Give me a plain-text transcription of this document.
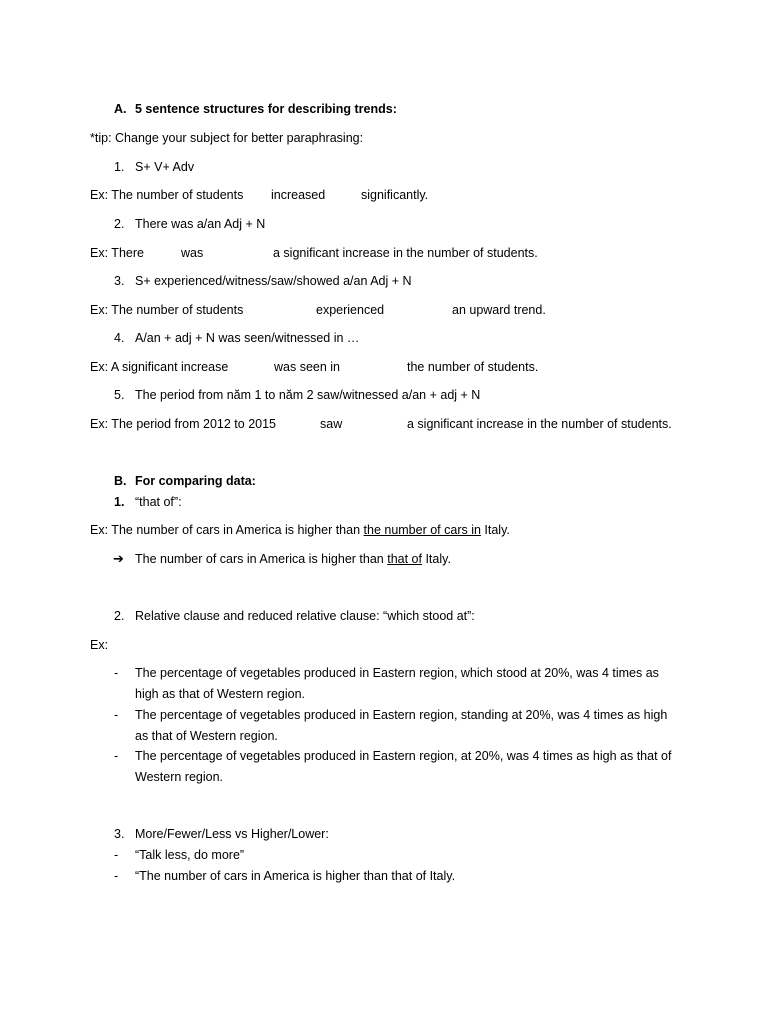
A. 5 sentence structures for describing trends:
*tip: Change your subject for better paraphrasing:
1. S+ V+ Adv
Ex: The number of students increased	significantly.
2. There was a/an Adj + N
Ex: There	was	a significant increase in the number of students.
3. S+ experienced/witness/saw/showed a/an Adj + N
Ex: The number of students	experienced	an upward trend.
4. A/an + adj + N was seen/witnessed in …
Ex: A significant increase	was seen in	the number of students.
5. The period from năm 1 to năm 2 saw/witnessed a/an + adj + N
Ex: The period from 2012 to 2015	saw	a significant increase in the number of students.
B. For comparing data:
1. “that of”:
Ex: The number of cars in America is higher than the number of cars in Italy.
➔ The number of cars in America is higher than that of Italy.
2. Relative clause and reduced relative clause: “which stood at”:
Ex:
- The percentage of vegetables produced in Eastern region, which stood at 20%, was 4 times as
high as that of Western region.
- The percentage of vegetables produced in Eastern region, standing at 20%, was 4 times as high
as that of Western region.
- The percentage of vegetables produced in Eastern region, at 20%, was 4 times as high as that of
Western region.
3. More/Fewer/Less vs Higher/Lower:
- “Talk less, do more”
- “The number of cars in America is higher than that of Italy.
